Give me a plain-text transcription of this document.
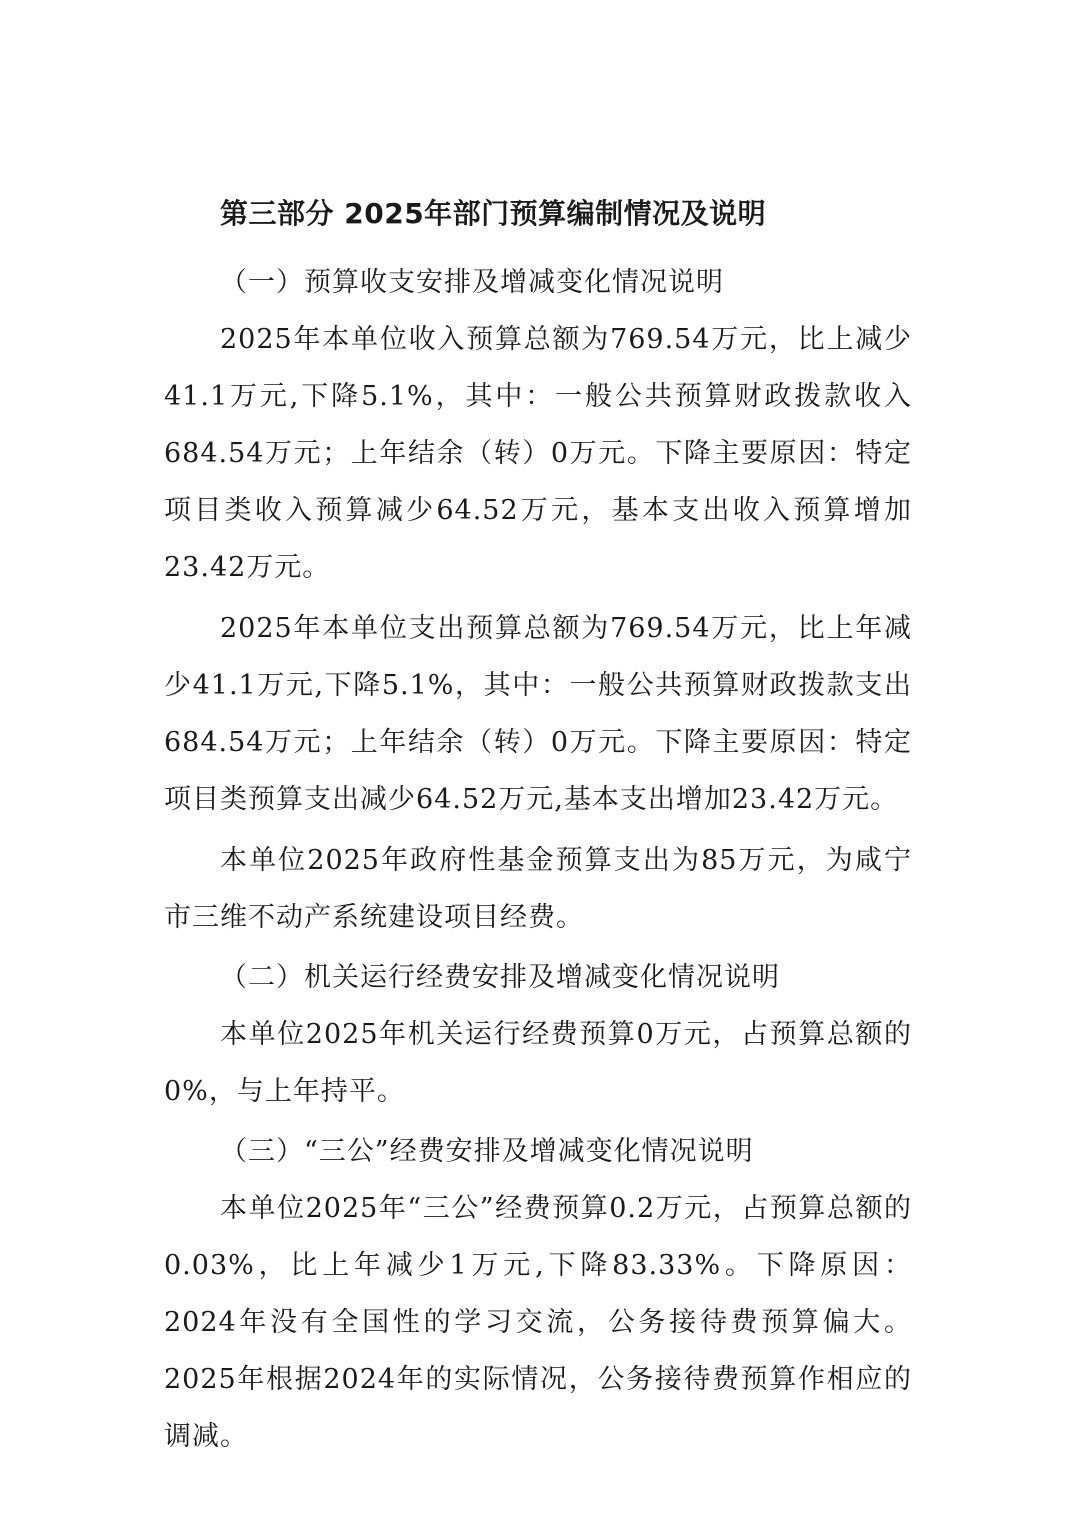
第三部分 2025年部门预算编制情况及说明
（一）预算收支安排及增减变化情况说明

2025年本单位收入预算总额为769.54万元，比上减少41.1万元,下降5.1%，其中：一般公共预算财政拨款收入684.54万元；上年结余（转）0万元。下降主要原因：特定项目类收入预算减少64.52万元，基本支出收入预算增加23.42万元。

2025年本单位支出预算总额为769.54万元，比上年减少41.1万元,下降5.1%，其中：一般公共预算财政拨款支出684.54万元；上年结余（转）0万元。下降主要原因：特定项目类预算支出减少64.52万元,基本支出增加23.42万元。

本单位2025年政府性基金预算支出为85万元，为咸宁市三维不动产系统建设项目经费。

（二）机关运行经费安排及增减变化情况说明

本单位2025年机关运行经费预算0万元，占预算总额的0%，与上年持平。

（三）“三公”经费安排及增减变化情况说明

本单位2025年“三公”经费预算0.2万元，占预算总额的0.03%，比上年减少1万元,下降83.33%。下降原因：2024年没有全国性的学习交流，公务接待费预算偏大。2025年根据2024年的实际情况，公务接待费预算作相应的调减。
